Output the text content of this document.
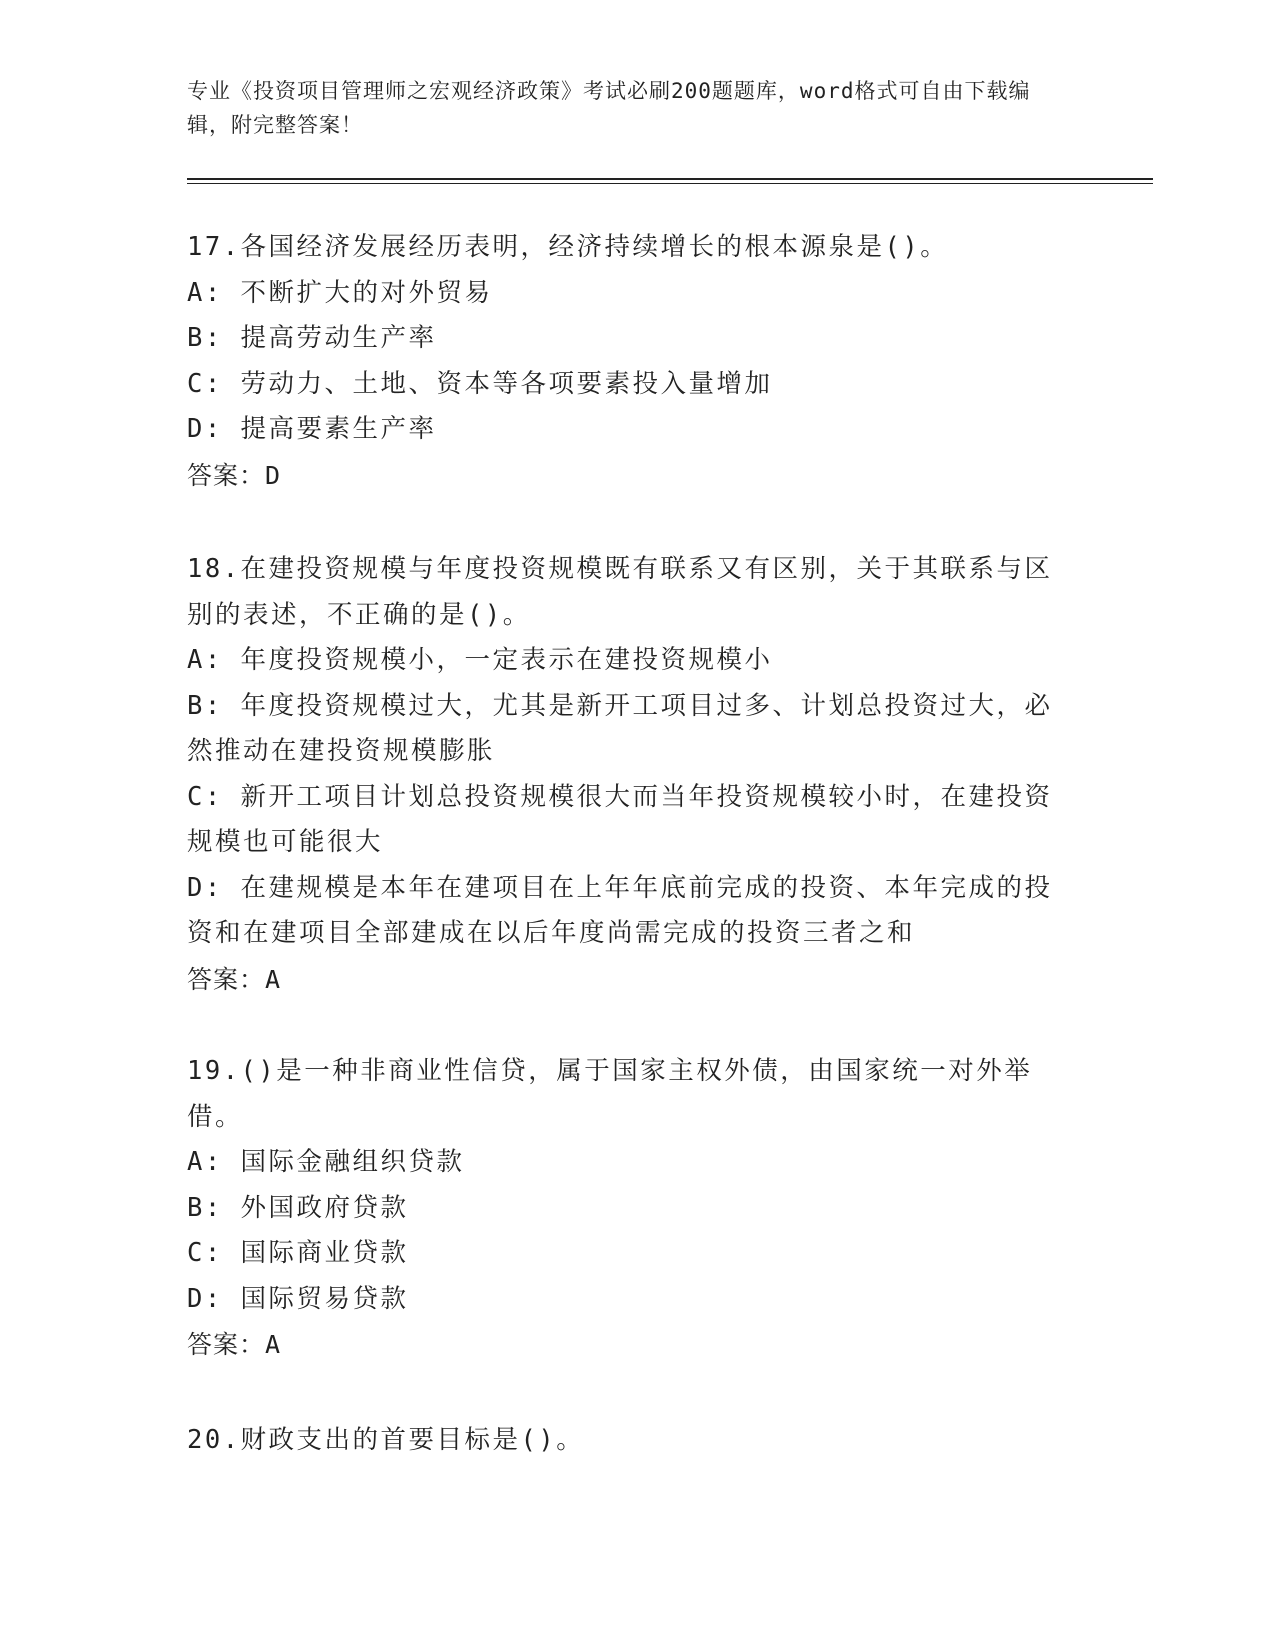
专业《投资项目管理师之宏观经济政策》考试必刷200题题库，word格式可自由下载编辑，附完整答案！
17.各国经济发展经历表明，经济持续增长的根本源泉是()。
A: 不断扩大的对外贸易
B: 提高劳动生产率
C: 劳动力、土地、资本等各项要素投入量增加
D: 提高要素生产率
答案：D
18.在建投资规模与年度投资规模既有联系又有区别，关于其联系与区别的表述，不正确的是()。
A: 年度投资规模小，一定表示在建投资规模小
B: 年度投资规模过大，尤其是新开工项目过多、计划总投资过大，必然推动在建投资规模膨胀
C: 新开工项目计划总投资规模很大而当年投资规模较小时，在建投资规模也可能很大
D: 在建规模是本年在建项目在上年年底前完成的投资、本年完成的投资和在建项目全部建成在以后年度尚需完成的投资三者之和
答案：A
19.()是一种非商业性信贷，属于国家主权外债，由国家统一对外举借。
A: 国际金融组织贷款
B: 外国政府贷款
C: 国际商业贷款
D: 国际贸易贷款
答案：A
20.财政支出的首要目标是()。
